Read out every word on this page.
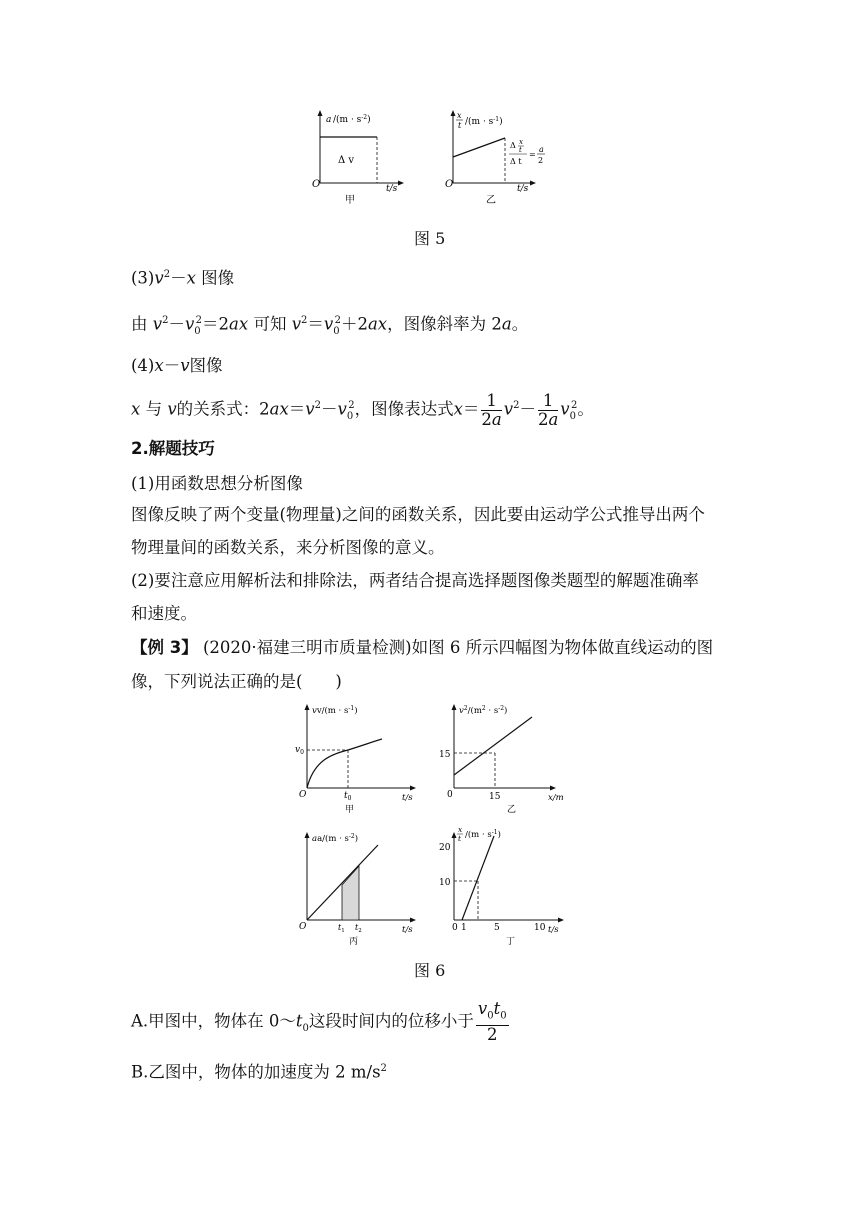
a $/(m \cdot s^{-2})$
Δ v
O	t/s
甲
x
t $/(m \cdot s^{-1})$
Δ x
t
Δ t
=
a
2
O	t/s
乙
图 5
$(3)v^2-x$ 图像
由 $v^2-v_0^2=2ax$ 可知 $v^2=v_0^2+2ax$，图像斜率为 2a。
(4)x－v图像
x 与 v的关系式：$2ax=v^2-v_0^2$，图像表达式$x= \frac{1}{2a} v^2- \frac{1}{2a} v_0^2$。
2.解题技巧
(1)用函数思想分析图像
图像反映了两个变量(物理量)之间的函数关系，因此要由运动学公式推导出两个
物理量间的函数关系，来分析图像的意义。
(2)要注意应用解析法和排除法，两者结合提高选择题图像类题型的解题准确率
和速度。
【例 3】 (2020·福建三明市质量检测)如图 6 所示四幅图为物体做直线运动的图
像，下列说法正确的是(　　)
$vv/(m \cdot s^{-1})$
$v_0$
$t_0$
O	t/s
甲
$v^2/(m^2 \cdot s^{-2})$
15
15
0	x/m
乙
$aa/(m \cdot s^{-2})$
$t_1$ $t_2$
O	t/s
丙
x
t $/(m \cdot s^{-1})$
20
10
0 1	5	10 t/s
丁
图 6
A.甲图中，物体在 $0\sim t_0$这段时间内的位移小于 $\frac{v_0t_0}{2}$
B.乙图中，物体的加速度为 2 $m/s^2$
